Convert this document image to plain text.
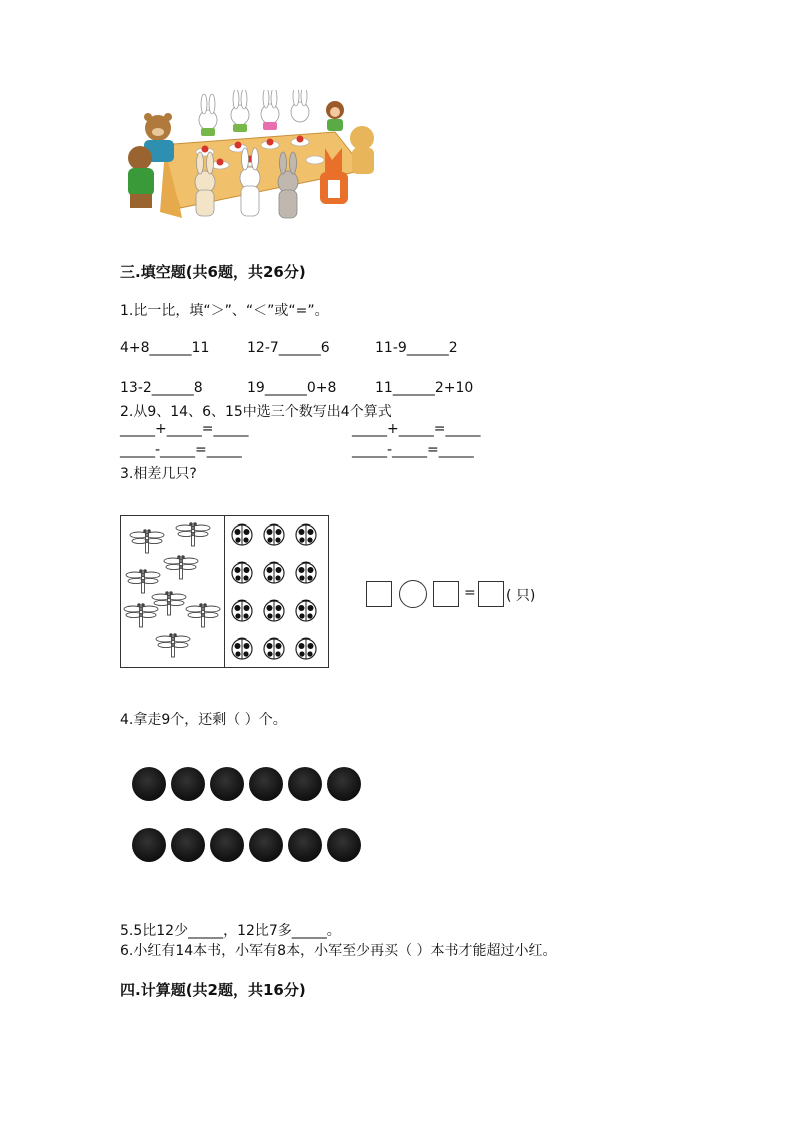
三.填空题(共6题，共26分)
1.比一比，填“＞”、“＜”或“=”。
4+8______11	12-7______6	11-9______2
13-2______8	19______0+8	11______2+10
2.从9、14、6、15中选三个数写出4个算式
_____+_____=_____	_____+_____=_____
_____-_____=_____	_____-_____=_____
3.相差几只?
= ( 只)
4.拿走9个，还剩（ ）个。
5.5比12少_____，12比7多_____。
6.小红有14本书，小军有8本，小军至少再买（ ）本书才能超过小红。
四.计算题(共2题，共16分)
